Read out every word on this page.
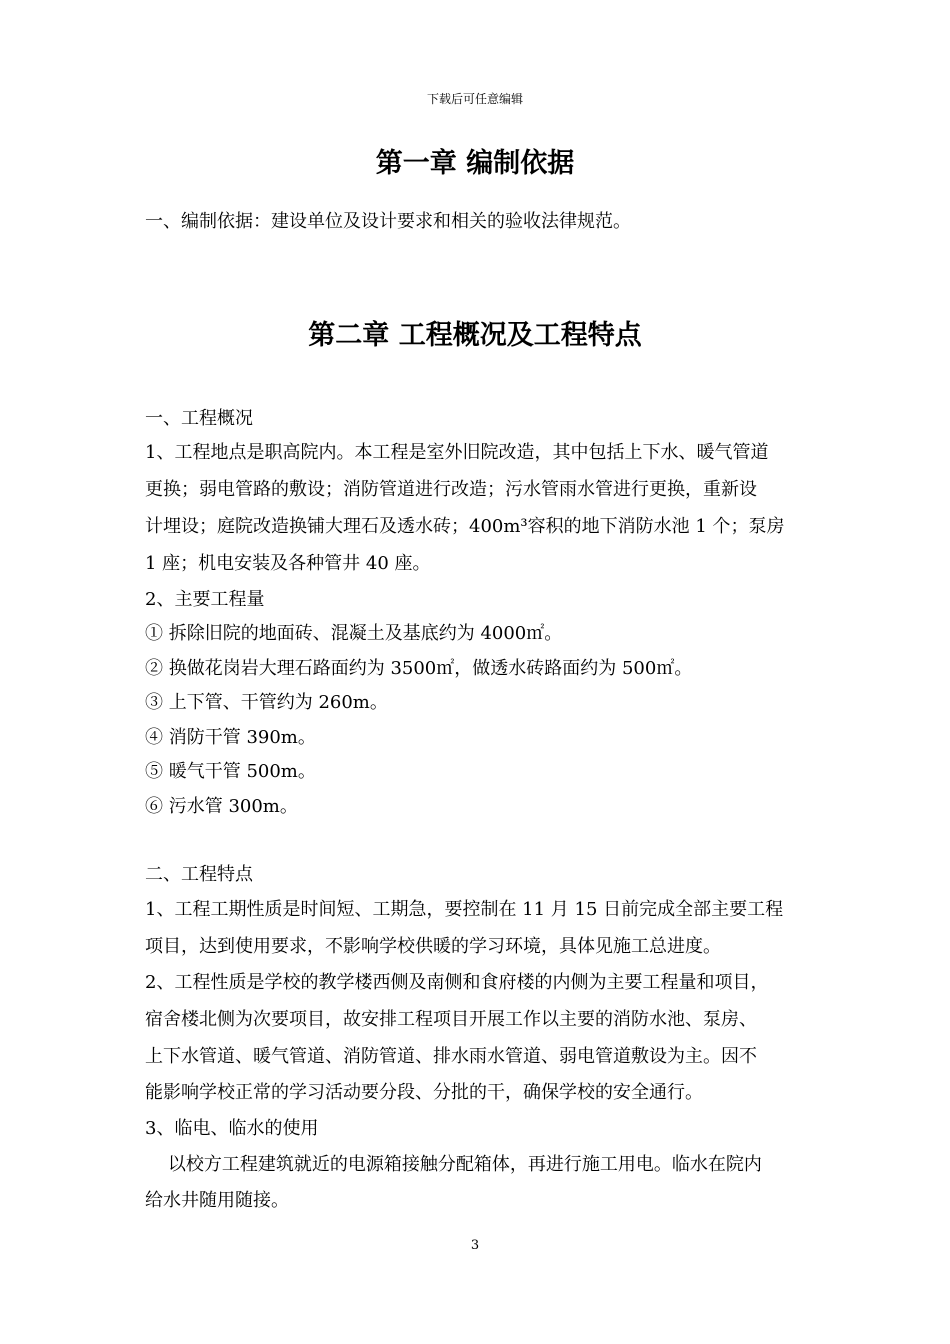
下载后可任意编辑
第一章 编制依据
一、编制依据：建设单位及设计要求和相关的验收法律规范。
第二章 工程概况及工程特点
一、工程概况
1、工程地点是职高院内。本工程是室外旧院改造，其中包括上下水、暖气管道
更换；弱电管路的敷设；消防管道进行改造；污水管雨水管进行更换，重新设
计埋设；庭院改造换铺大理石及透水砖；400m³容积的地下消防水池 1 个；泵房
1 座；机电安装及各种管井 40 座。
2、主要工程量
① 拆除旧院的地面砖、混凝土及基底约为 4000㎡。
② 换做花岗岩大理石路面约为 3500㎡，做透水砖路面约为 500㎡。
③ 上下管、干管约为 260m。
④ 消防干管 390m。
⑤ 暖气干管 500m。
⑥ 污水管 300m。
二、工程特点
1、工程工期性质是时间短、工期急，要控制在 11 月 15 日前完成全部主要工程
项目，达到使用要求，不影响学校供暖的学习环境，具体见施工总进度。
2、工程性质是学校的教学楼西侧及南侧和食府楼的内侧为主要工程量和项目，
宿舍楼北侧为次要项目，故安排工程项目开展工作以主要的消防水池、泵房、
上下水管道、暖气管道、消防管道、排水雨水管道、弱电管道敷设为主。因不
能影响学校正常的学习活动要分段、分批的干，确保学校的安全通行。
3、临电、临水的使用
以校方工程建筑就近的电源箱接触分配箱体，再进行施工用电。临水在院内
给水井随用随接。
3
